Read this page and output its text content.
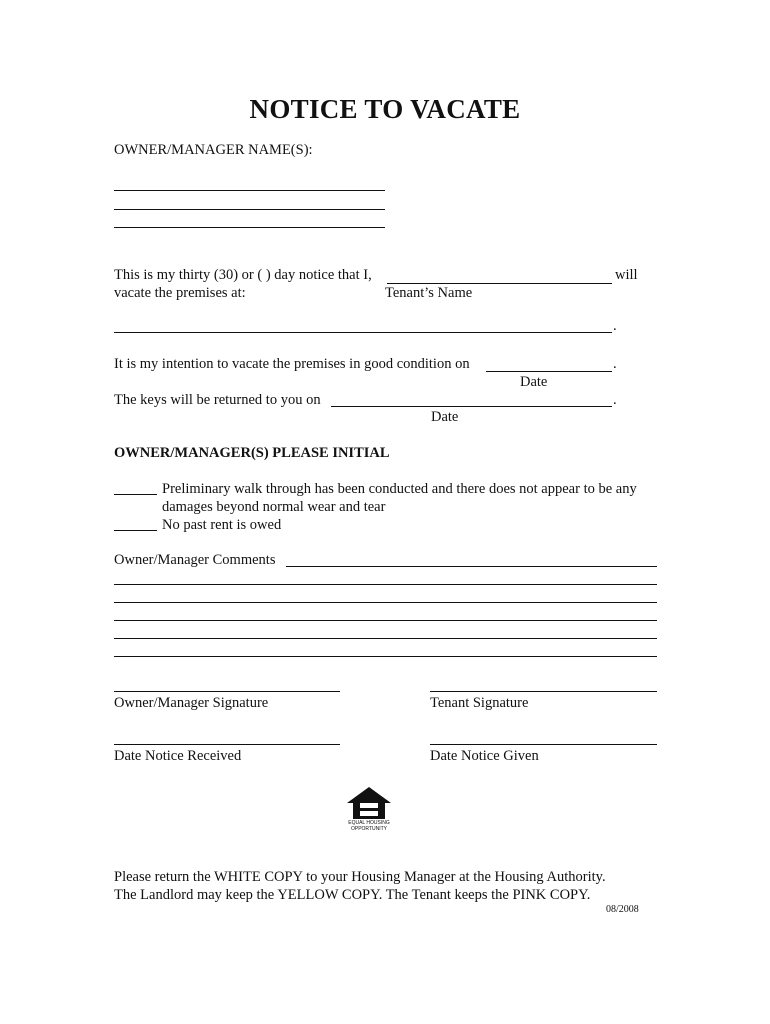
NOTICE TO VACATE
OWNER/MANAGER NAME(S):
This is my thirty (30) or ( ) day notice that I,	will
vacate the premises at:	Tenant’s Name
.
It is my intention to vacate the premises in good condition on	.
Date
The keys will be returned to you on	.
Date
OWNER/MANAGER(S) PLEASE INITIAL
Preliminary walk through has been conducted and there does not appear to be any
damages beyond normal wear and tear
No past rent is owed
Owner/Manager Comments
Owner/Manager Signature	Tenant Signature
Date Notice Received	Date Notice Given
EQUAL HOUSING OPPORTUNITY
Please return the WHITE COPY to your Housing Manager at the Housing Authority.
The Landlord may keep the YELLOW COPY. The Tenant keeps the PINK COPY.
08/2008
